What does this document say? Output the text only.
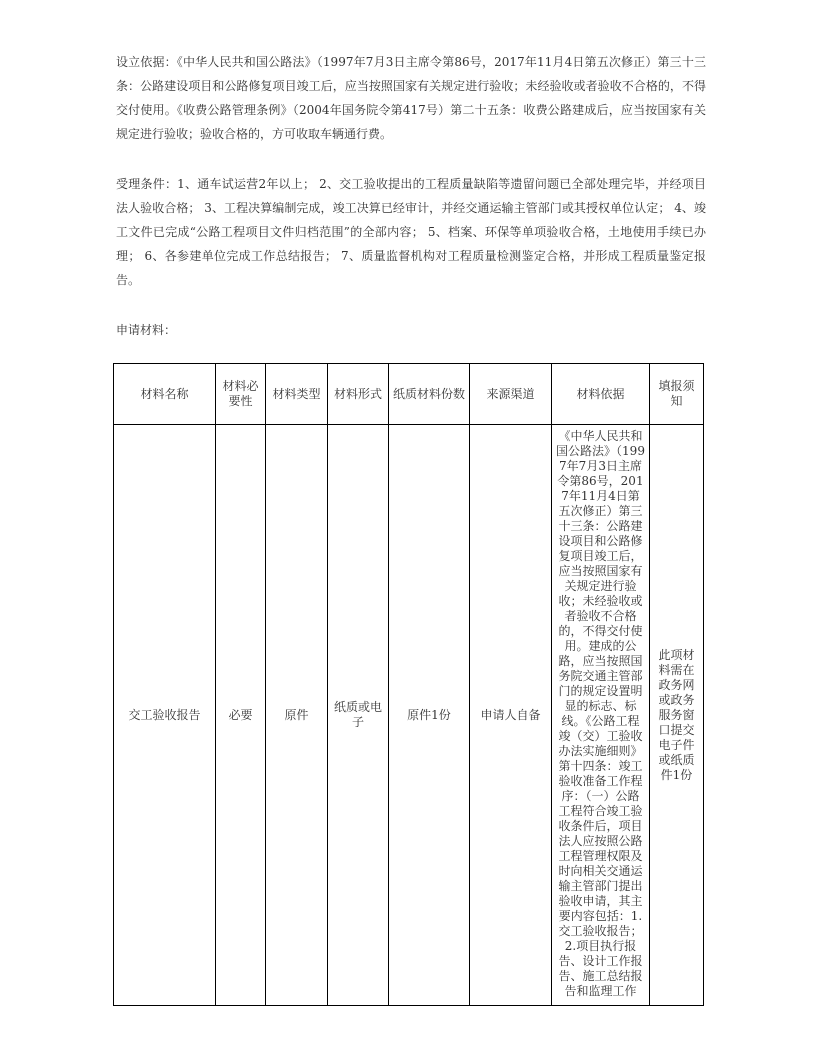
设立依据：《中华人民共和国公路法》（1997年7月3日主席令第86号，2017年11月4日第五次修正）第三十三条：公路建设项目和公路修复项目竣工后，应当按照国家有关规定进行验收；未经验收或者验收不合格的，不得交付使用。《收费公路管理条例》（2004年国务院令第417号）第二十五条：收费公路建成后，应当按国家有关规定进行验收；验收合格的，方可收取车辆通行费。

受理条件：1、通车试运营2年以上； 2、交工验收提出的工程质量缺陷等遗留问题已全部处理完毕，并经项目法人验收合格； 3、工程决算编制完成，竣工决算已经审计，并经交通运输主管部门或其授权单位认定； 4、竣工文件已完成“公路工程项目文件归档范围”的全部内容； 5、档案、环保等单项验收合格，土地使用手续已办理； 6、各参建单位完成工作总结报告； 7、质量监督机构对工程质量检测鉴定合格，并形成工程质量鉴定报告。

申请材料：

材料名称	材料必要性	材料类型	材料形式	纸质材料份数	来源渠道	材料依据	填报须知
交工验收报告	必要	原件	纸质或电子	原件1份	申请人自备	《中华人民共和国公路法》（1997年7月3日主席令第86号，2017年11月4日第五次修正）第三十三条：公路建设项目和公路修复项目竣工后，应当按照国家有关规定进行验收；未经验收或者验收不合格的，不得交付使用。建成的公路，应当按照国务院交通主管部门的规定设置明显的标志、标线。《公路工程竣（交）工验收办法实施细则》第十四条：竣工验收准备工作程序：（一）公路工程符合竣工验收条件后，项目法人应按照公路工程管理权限及时向相关交通运输主管部门提出验收申请，其主要内容包括：1.交工验收报告；2.项目执行报告、设计工作报告、施工总结报告和监理工作	此项材料需在政务网或政务服务窗口提交电子件或纸质件1份
